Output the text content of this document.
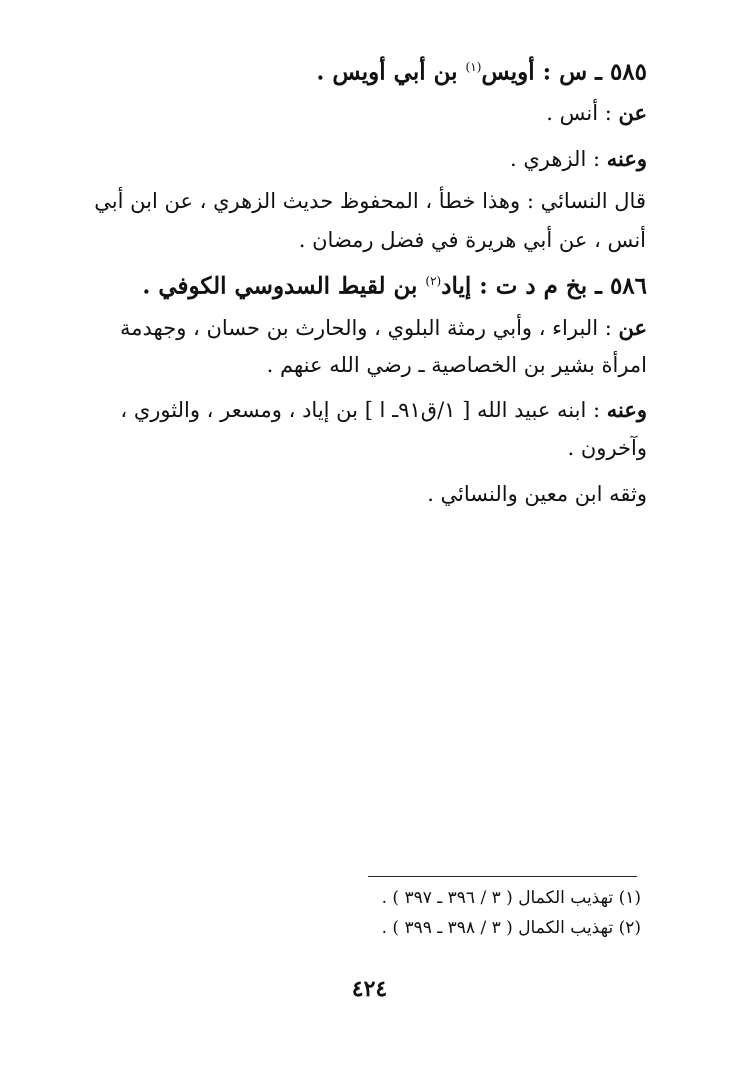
٥٨٥ ـ س : أويس$^{(١)}$ بن أبي أويس .
عن : أنس .
وعنه : الزهري .
قال النسائي : وهذا خطأ ، المحفوظ حديث الزهري ، عن ابن أبي
أنس ، عن أبي هريرة في فضل رمضان .
٥٨٦ ـ بخ م د ت : إياد$^{(٢)}$ بن لقيط السدوسي الكوفي .
عن : البراء ، وأبي رمثة البلوي ، والحارث بن حسان ، وجهدمة
امرأة بشير بن الخصاصية ـ رضي الله عنهم .
وعنه : ابنه عبيد الله [ ١/ق٩١ـ ا ] بن إياد ، ومسعر ، والثوري ،
وآخرون .
وثقه ابن معين والنسائي .
(١) تهذيب الكمال ( ٣ / ٣٩٦ ـ ٣٩٧ ) .
(٢) تهذيب الكمال ( ٣ / ٣٩٨ ـ ٣٩٩ ) .
٤٢٤
